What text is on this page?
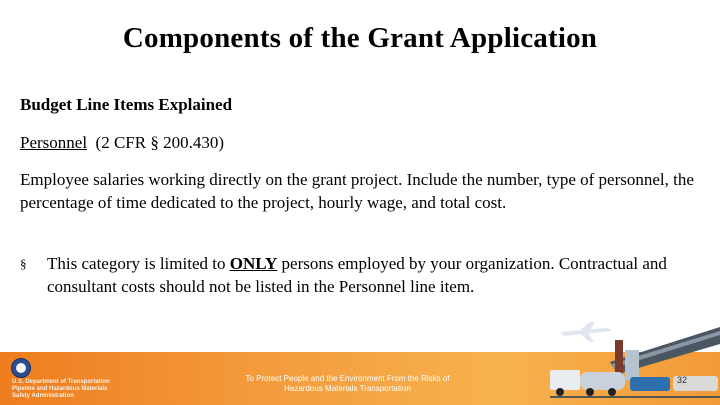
Components of the Grant Application
Budget Line Items Explained
Personnel (2 CFR § 200.430)
Employee salaries working directly on the grant project. Include the number, type of personnel, the percentage of time dedicated to the project, hourly wage, and total cost.
§ This category is limited to ONLY persons employed by your organization. Contractual and consultant costs should not be listed in the Personnel line item.
U.S. Department of Transportation
Pipeline and Hazardous Materials
Safety Administration
To Protect People and the Environment From the Risks of
Hazardous Materials Transportation
32
